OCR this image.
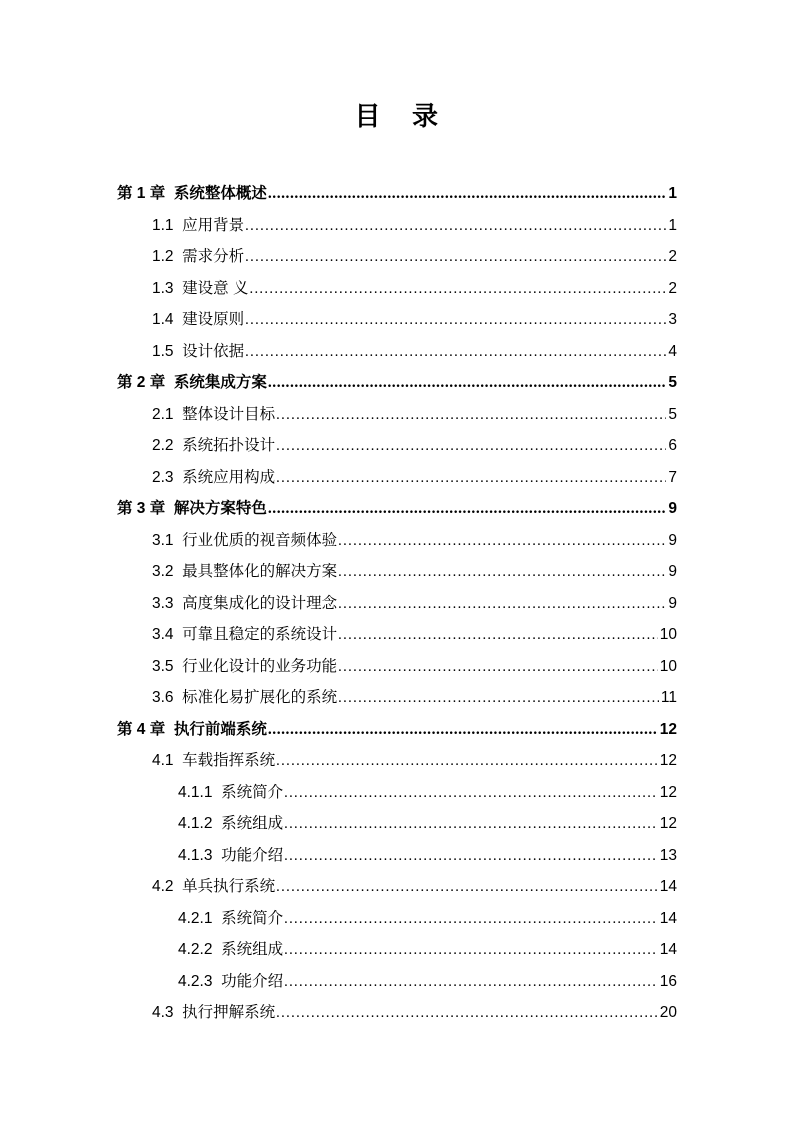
目    录
第 1 章  系统整体概述 .....	1
1.1  应用背景 .....	1
1.2  需求分析 .....	2
1.3  建设意 义 .....	2
1.4  建设原则 .....	3
1.5  设计依据 .....	4
第 2 章  系统集成方案 .....	5
2.1  整体设计目标 .....	5
2.2  系统拓扑设计 .....	6
2.3  系统应用构成 .....	7
第 3 章  解决方案特色 .....	9
3.1  行业优质的视音频体验 .....	9
3.2  最具整体化的解决方案 .....	9
3.3  高度集成化的设计理念 .....	9
3.4  可靠且稳定的系统设计 .....	10
3.5  行业化设计的业务功能 .....	10
3.6  标准化易扩展化的系统 .....	11
第 4 章  执行前端系统 .....	12
4.1  车载指挥系统 .....	12
4.1.1  系统简介 .....	12
4.1.2  系统组成 .....	12
4.1.3  功能介绍 .....	13
4.2  单兵执行系统 .....	14
4.2.1  系统简介 .....	14
4.2.2  系统组成 .....	14
4.2.3  功能介绍 .....	16
4.3  执行押解系统 .....	20
